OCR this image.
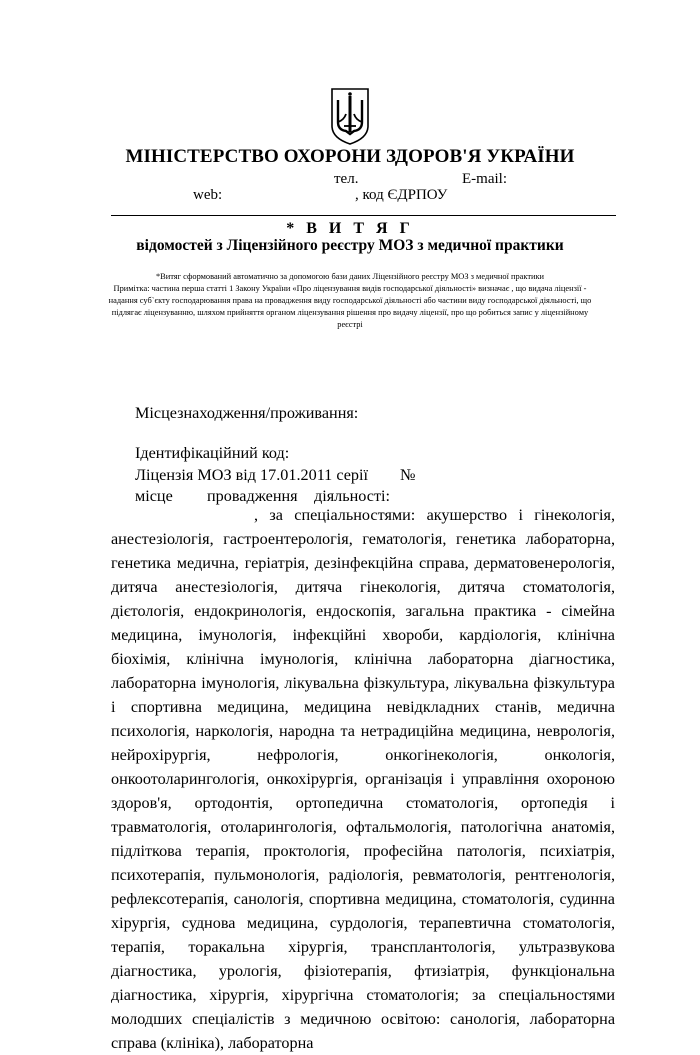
МІНІСТЕРСТВО ОХОРОНИ ЗДОРОВ'Я УКРАЇНИ
тел.	E-mail:
web:	, код ЄДРПОУ
* В И Т Я Г
відомостей з Ліцензійного реєстру МОЗ з медичної практики
*Витяг сформований автоматично за допомогою бази даних Ліцензійного реєстру МОЗ з медичної практики
Примітка: частина перша статті 1 Закону України «Про ліцензування видів господарської діяльності» визначає , що видача ліцензії - надання суб`єкту господарювання права на провадження виду господарської діяльності або частини виду господарської діяльності, що підлягає ліцензуванню, шляхом прийняття органом ліцензування рішення про видачу ліцензії, про що робиться запис у ліцензійному реєстрі
Місцезнаходження/проживання:
Ідентифікаційний код:
Ліцензія МОЗ від 17.01.2011 серії №
місце провадження діяльності:
, за спеціальностями: акушерство і гінекологія, анестезіологія, гастроентерологія, гематологія, генетика лабораторна, генетика медична, геріатрія, дезінфекційна справа, дерматовенерологія, дитяча анестезіологія, дитяча гінекологія, дитяча стоматологія, дієтологія, ендокринологія, ендоскопія, загальна практика - сімейна медицина, імунологія, інфекційні хвороби, кардіологія, клінічна біохімія, клінічна імунологія, клінічна лабораторна діагностика, лабораторна імунологія, лікувальна фізкультура, лікувальна фізкультура і спортивна медицина, медицина невідкладних станів, медична психологія, наркологія, народна та нетрадиційна медицина, неврологія, нейрохірургія, нефрологія, онкогінекологія, онкологія, онкоотоларингологія, онкохірургія, організація і управління охороною здоров'я, ортодонтія, ортопедична стоматологія, ортопедія і травматологія, отоларингологія, офтальмологія, патологічна анатомія, підліткова терапія, проктологія, професійна патологія, психіатрія, психотерапія, пульмонологія, радіологія, ревматологія, рентгенологія, рефлексотерапія, санологія, спортивна медицина, стоматологія, судинна хірургія, суднова медицина, сурдологія, терапевтична стоматологія, терапія, торакальна хірургія, трансплантологія, ультразвукова діагностика, урологія, фізіотерапія, фтизіатрія, функціональна діагностика, хірургія, хірургічна стоматологія; за спеціальностями молодших спеціалістів з медичною освітою: санологія, лабораторна справа (клініка), лабораторна
